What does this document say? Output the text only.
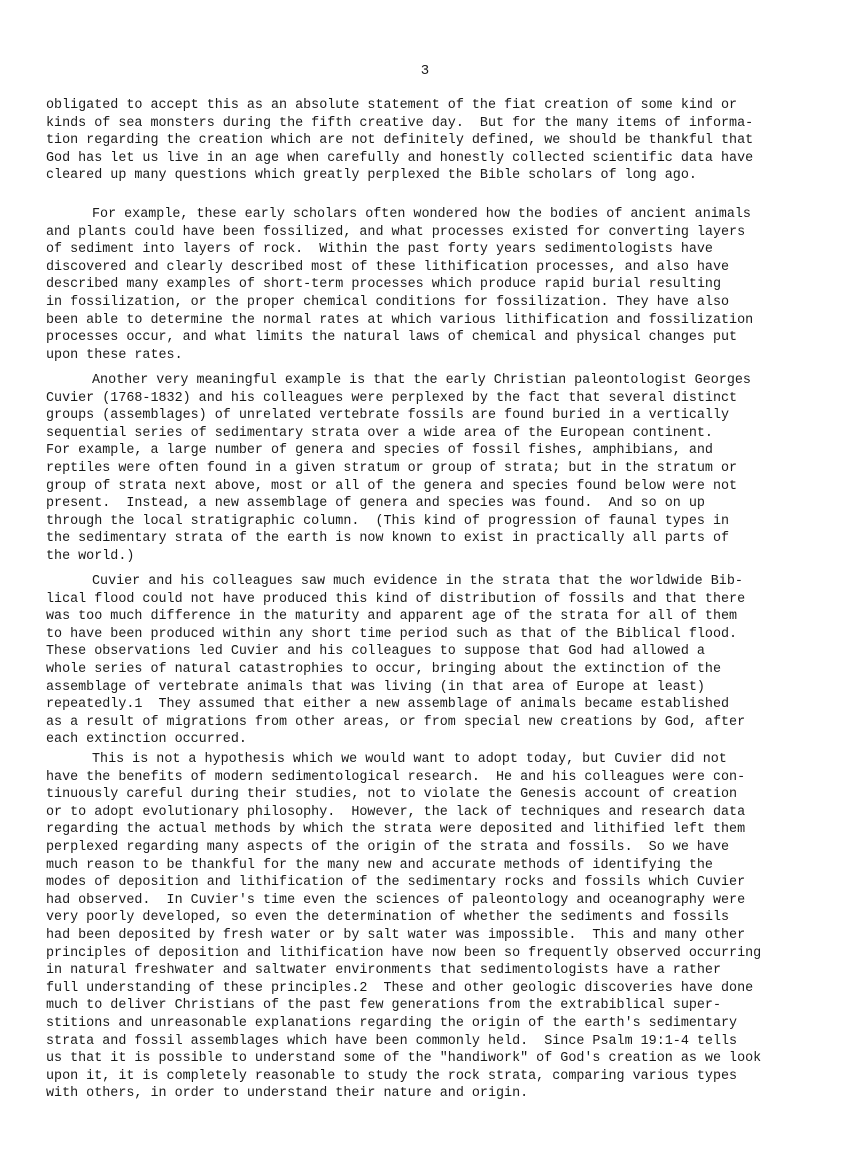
3
obligated to accept this as an absolute statement of the fiat creation of some kind or
kinds of sea monsters during the fifth creative day.  But for the many items of informa-
tion regarding the creation which are not definitely defined, we should be thankful that
God has let us live in an age when carefully and honestly collected scientific data have
cleared up many questions which greatly perplexed the Bible scholars of long ago.
For example, these early scholars often wondered how the bodies of ancient animals
and plants could have been fossilized, and what processes existed for converting layers
of sediment into layers of rock.  Within the past forty years sedimentologists have
discovered and clearly described most of these lithification processes, and also have
described many examples of short-term processes which produce rapid burial resulting
in fossilization, or the proper chemical conditions for fossilization. They have also
been able to determine the normal rates at which various lithification and fossilization
processes occur, and what limits the natural laws of chemical and physical changes put
upon these rates.
Another very meaningful example is that the early Christian paleontologist Georges
Cuvier (1768-1832) and his colleagues were perplexed by the fact that several distinct
groups (assemblages) of unrelated vertebrate fossils are found buried in a vertically
sequential series of sedimentary strata over a wide area of the European continent.
For example, a large number of genera and species of fossil fishes, amphibians, and
reptiles were often found in a given stratum or group of strata; but in the stratum or
group of strata next above, most or all of the genera and species found below were not
present.  Instead, a new assemblage of genera and species was found.  And so on up
through the local stratigraphic column.  (This kind of progression of faunal types in
the sedimentary strata of the earth is now known to exist in practically all parts of
the world.)
Cuvier and his colleagues saw much evidence in the strata that the worldwide Bib-
lical flood could not have produced this kind of distribution of fossils and that there
was too much difference in the maturity and apparent age of the strata for all of them
to have been produced within any short time period such as that of the Biblical flood.
These observations led Cuvier and his colleagues to suppose that God had allowed a
whole series of natural catastrophies to occur, bringing about the extinction of the
assemblage of vertebrate animals that was living (in that area of Europe at least)
repeatedly.1  They assumed that either a new assemblage of animals became established
as a result of migrations from other areas, or from special new creations by God, after
each extinction occurred.
This is not a hypothesis which we would want to adopt today, but Cuvier did not
have the benefits of modern sedimentological research.  He and his colleagues were con-
tinuously careful during their studies, not to violate the Genesis account of creation
or to adopt evolutionary philosophy.  However, the lack of techniques and research data
regarding the actual methods by which the strata were deposited and lithified left them
perplexed regarding many aspects of the origin of the strata and fossils.  So we have
much reason to be thankful for the many new and accurate methods of identifying the
modes of deposition and lithification of the sedimentary rocks and fossils which Cuvier
had observed.  In Cuvier's time even the sciences of paleontology and oceanography were
very poorly developed, so even the determination of whether the sediments and fossils
had been deposited by fresh water or by salt water was impossible.  This and many other
principles of deposition and lithification have now been so frequently observed occurring
in natural freshwater and saltwater environments that sedimentologists have a rather
full understanding of these principles.2  These and other geologic discoveries have done
much to deliver Christians of the past few generations from the extrabiblical super-
stitions and unreasonable explanations regarding the origin of the earth's sedimentary
strata and fossil assemblages which have been commonly held.  Since Psalm 19:1-4 tells
us that it is possible to understand some of the "handiwork" of God's creation as we look
upon it, it is completely reasonable to study the rock strata, comparing various types
with others, in order to understand their nature and origin.
